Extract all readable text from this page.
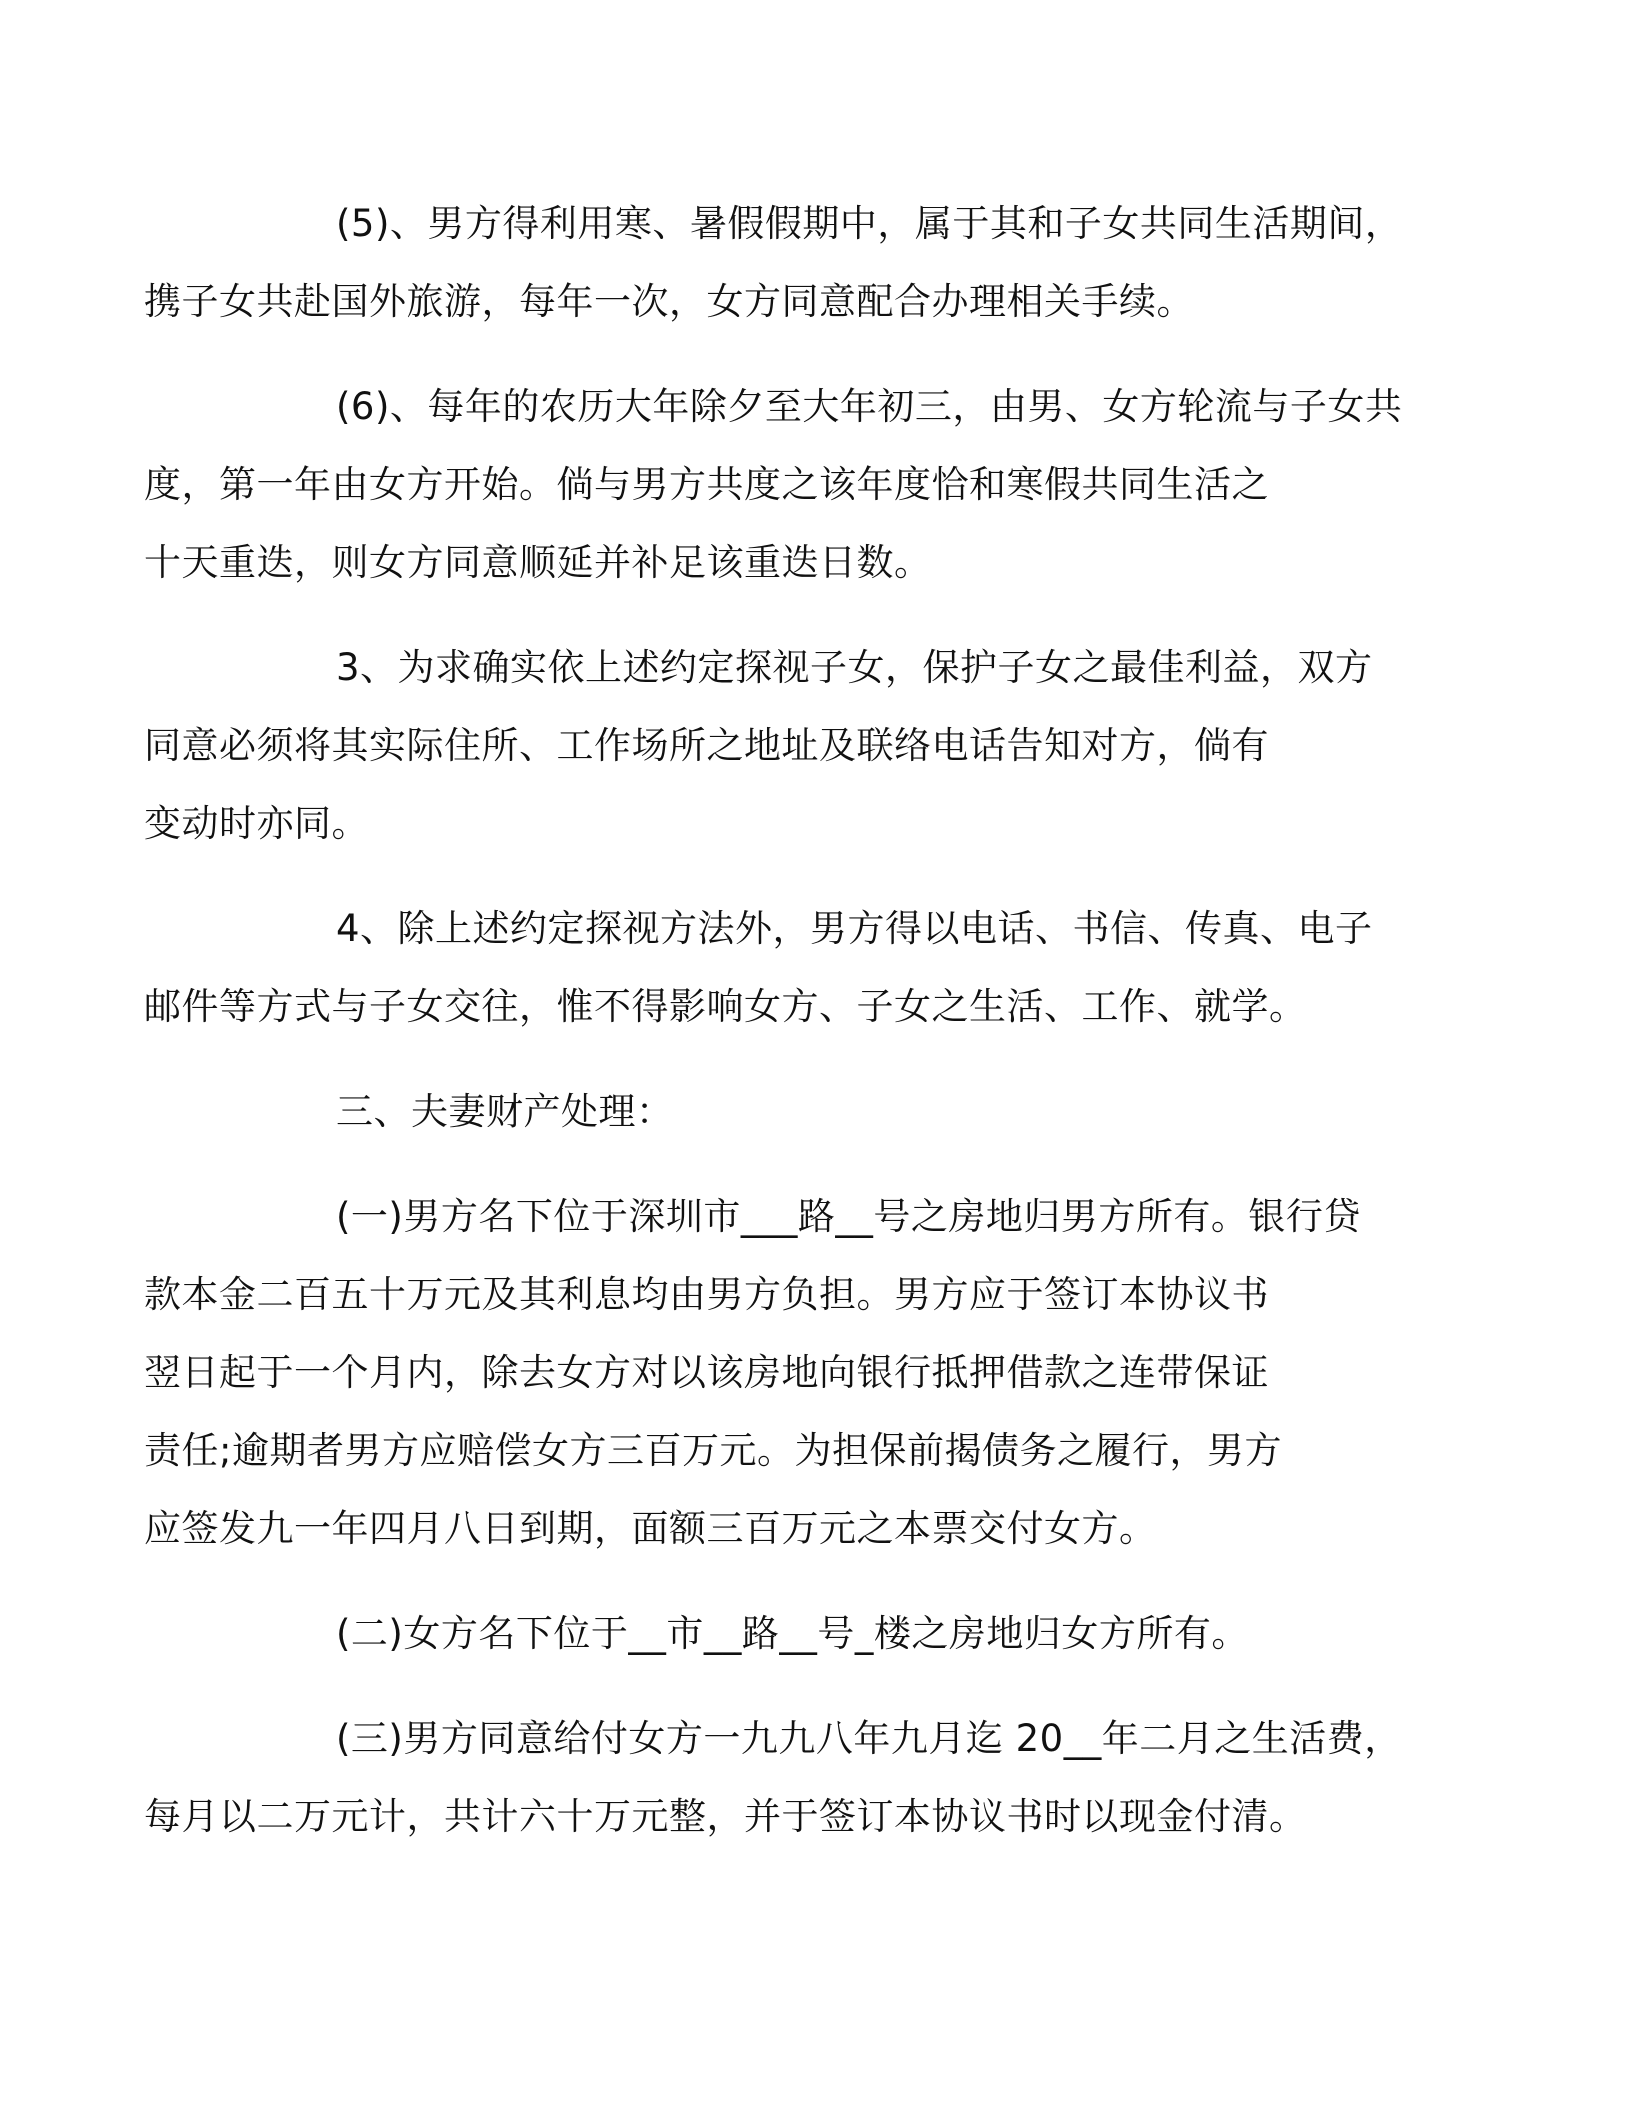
(5)、男方得利用寒、暑假假期中，属于其和子女共同生活期间，
携子女共赴国外旅游，每年一次，女方同意配合办理相关手续。

(6)、每年的农历大年除夕至大年初三，由男、女方轮流与子女共
度，第一年由女方开始。倘与男方共度之该年度恰和寒假共同生活之
十天重迭，则女方同意顺延并补足该重迭日数。

3、为求确实依上述约定探视子女，保护子女之最佳利益，双方
同意必须将其实际住所、工作场所之地址及联络电话告知对方，倘有
变动时亦同。

4、除上述约定探视方法外，男方得以电话、书信、传真、电子
邮件等方式与子女交往，惟不得影响女方、子女之生活、工作、就学。

三、夫妻财产处理：

(一)男方名下位于深圳市___路__号之房地归男方所有。银行贷
款本金二百五十万元及其利息均由男方负担。男方应于签订本协议书
翌日起于一个月内，除去女方对以该房地向银行抵押借款之连带保证
责任;逾期者男方应赔偿女方三百万元。为担保前揭债务之履行，男方
应签发九一年四月八日到期，面额三百万元之本票交付女方。

(二)女方名下位于__市__路__号_楼之房地归女方所有。

(三)男方同意给付女方一九九八年九月迄 20__年二月之生活费，
每月以二万元计，共计六十万元整，并于签订本协议书时以现金付清。
